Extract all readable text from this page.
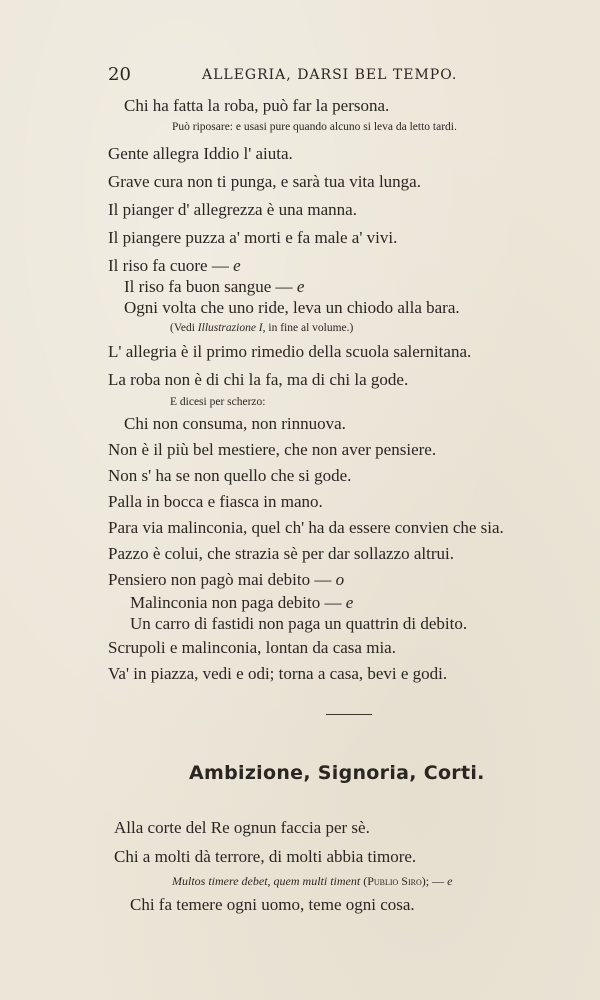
20	ALLEGRIA, DARSI BEL TEMPO.
Chi ha fatta la roba, può far la persona.
Può riposare: e usasi pure quando alcuno si leva da letto tardi.
Gente allegra Iddio l' aiuta.
Grave cura non ti punga, e sarà tua vita lunga.
Il pianger d' allegrezza è una manna.
Il piangere puzza a' morti e fa male a' vivi.
Il riso fa cuore — e
Il riso fa buon sangue — e
Ogni volta che uno ride, leva un chiodo alla bara.
(Vedi Illustrazione I, in fine al volume.)
L' allegria è il primo rimedio della scuola salernitana.
La roba non è di chi la fa, ma di chi la gode.
E dicesi per scherzo:
Chi non consuma, non rinnuova.
Non è il più bel mestiere, che non aver pensiere.
Non s' ha se non quello che si gode.
Palla in bocca e fiasca in mano.
Para via malinconia, quel ch' ha da essere convien che sia.
Pazzo è colui, che strazia sè per dar sollazzo altrui.
Pensiero non pagò mai debito — o
Malinconia non paga debito — e
Un carro di fastidi non paga un quattrin di debito.
Scrupoli e malinconia, lontan da casa mia.
Va' in piazza, vedi e odi; torna a casa, bevi e godi.
Ambizione, Signoria, Corti.
Alla corte del Re ognun faccia per sè.
Chi a molti dà terrore, di molti abbia timore.
Multos timere debet, quem multi timent (Publio Siro); — e
Chi fa temere ogni uomo, teme ogni cosa.
